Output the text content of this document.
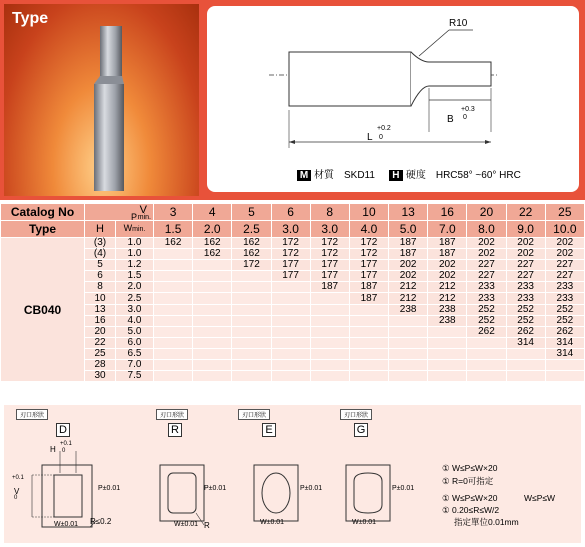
Type	R10
B
+0.3
0
L
+0.2
0
M 材質　SKD11 H 硬度　HRC58° ~60° HRC
Catalog No	V
P min.		3	4	5	6	8	10	13	16	20	22	25
Type	H	Wmin.	1.5	2.0	2.5	3.0	3.0	4.0	5.0	7.0	8.0	9.0	10.0
CB040	(3)	1.0	162	162	162	172	172	172	187	187	202	202	202
	(4)	1.0		162	162	172	172	172	187	187	202	202	202
	5	1.2			172	177	177	177	202	202	227	227	227
	6	1.5				177	177	177	202	202	227	227	227
	8	2.0					187	187	212	212	233	233	233
	10	2.5						187	212	212	233	233	233
	13	3.0							238	238	252	252	252
	16	4.0								238	252	252	252
	20	5.0									262	262	262
	22	6.0										314	314
	25	6.5											314
	28	7.0											
	30	7.5											
刃口形狀	刃口形狀	刃口形狀	刃口形狀
D	R	E	G
H
+0.1
0
V
+0.1
0
W±0.01 R≤0.2
P±0.01
W±0.01 R
P±0.01
W±0.01
P±0.01
W±0.01
P±0.01
① W≤P≤W×20
① R=0可指定
① W≤P≤W×20	W≤P≤W
① 0.20≤R≤W/2
指定單位0.01mm
